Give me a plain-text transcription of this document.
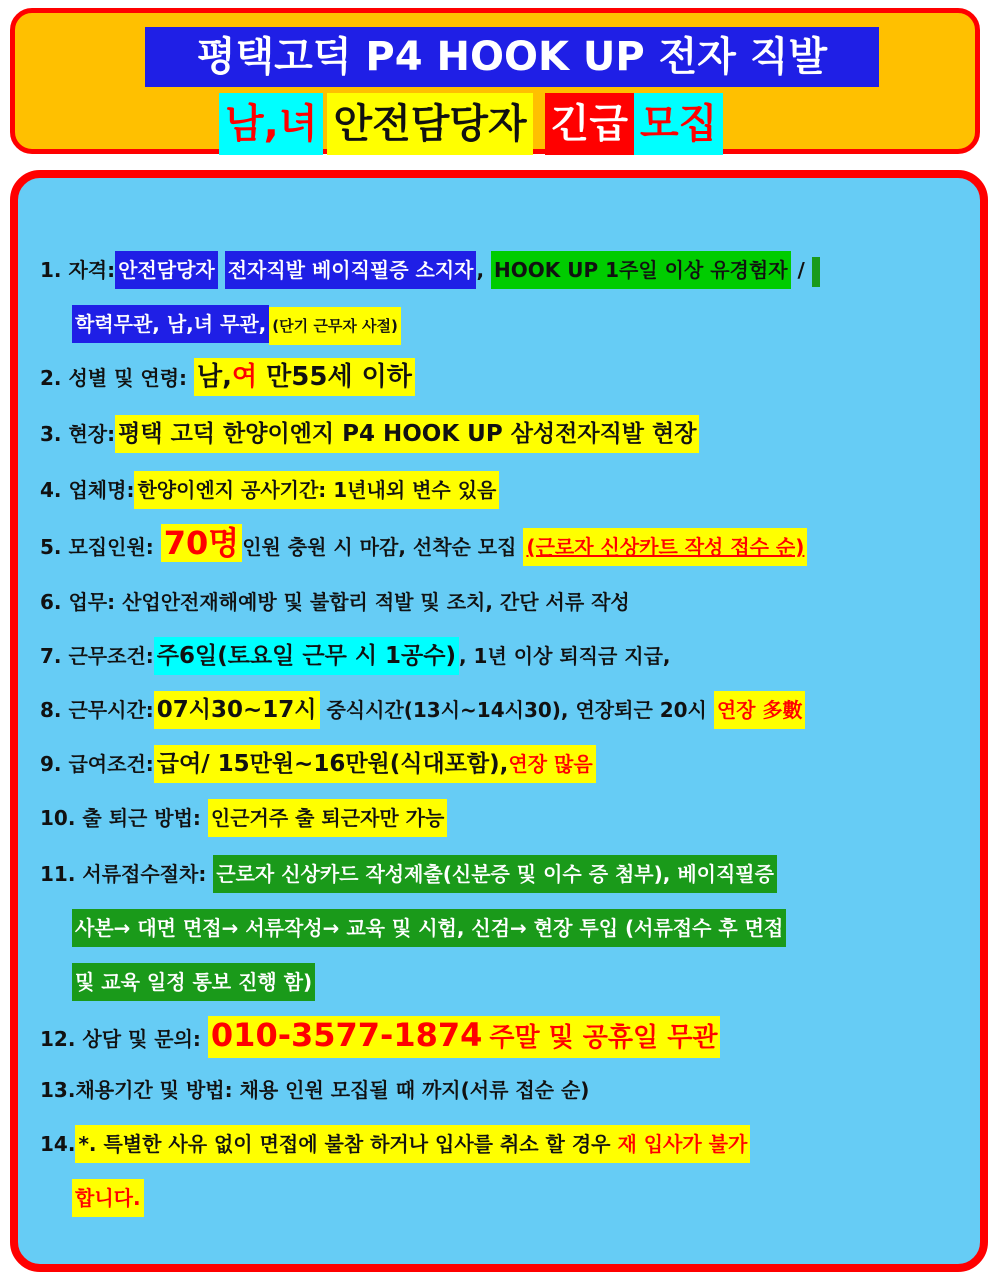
평택고덕 P4 HOOK UP 전자 직발
남,녀 안전담당자 긴급 모집
1. 자격: 안전담당자 전자직발 베이직필증 소지자 , HOOK UP 1주일 이상 유경험자 /
학력무관, 남,녀 무관, (단기 근무자 사절)
2. 성별 및 연령: 남,여 만55세 이하
3. 현장: 평택 고덕 한양이엔지 P4 HOOK UP 삼성전자직발 현장
4. 업체명: 한양이엔지 공사기간: 1년내외 변수 있음
5. 모집인원: 70명 인원 충원 시 마감, 선착순 모집 (근로자 신상카트 작성 접수 순)
6. 업무: 산업안전재해예방 및 불합리 적발 및 조치, 간단 서류 작성
7. 근무조건: 주6일(토요일 근무 시 1공수) , 1년 이상 퇴직금 지급,
8. 근무시간: 07시30~17시 중식시간(13시~14시30), 연장퇴근 20시 연장 多數
9. 급여조건: 급여/ 15만원~16만원(식대포함),연장 많음
10. 출 퇴근 방법: 인근거주 출 퇴근자만 가능
11. 서류접수절차: 근로자 신상카드 작성제출(신분증 및 이수 증 첨부), 베이직필증
사본→ 대면 면접→ 서류작성→ 교육 및 시험, 신검→ 현장 투입 (서류접수 후 면접
및 교육 일정 통보 진행 함)
12. 상담 및 문의: 010-3577-1874 주말 및 공휴일 무관
13.채용기간 및 방법: 채용 인원 모집될 때 까지(서류 접순 순)
14. *. 특별한 사유 없이 면접에 불참 하거나 입사를 취소 할 경우 재 입사가 불가
합니다.
